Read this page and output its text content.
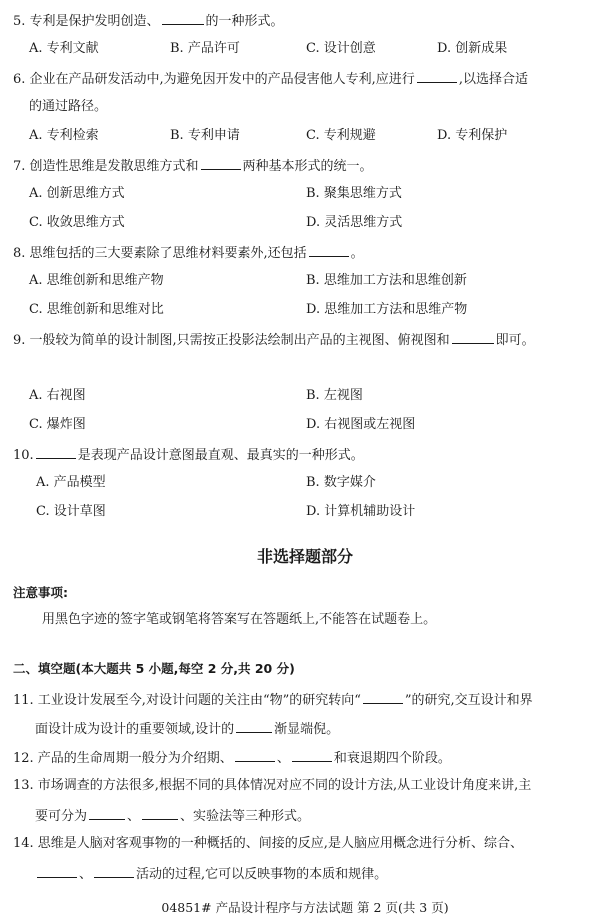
5. 专利是保护发明创造、	的一种形式。
A. 专利文献	B. 产品许可	C. 设计创意	D. 创新成果
6. 企业在产品研发活动中,为避免因开发中的产品侵害他人专利,应进行	,以选择合适
的通过路径。
A. 专利检索	B. 专利申请	C. 专利规避	D. 专利保护
7. 创造性思维是发散思维方式和	两种基本形式的统一。
A. 创新思维方式	B. 聚集思维方式
C. 收敛思维方式	D. 灵活思维方式
8. 思维包括的三大要素除了思维材料要素外,还包括	。
A. 思维创新和思维产物	B. 思维加工方法和思维创新
C. 思维创新和思维对比	D. 思维加工方法和思维产物
9. 一般较为简单的设计制图,只需按正投影法绘制出产品的主视图、俯视图和	即可。
A. 右视图	B. 左视图
C. 爆炸图	D. 右视图或左视图
10.	是表现产品设计意图最直观、最真实的一种形式。
A. 产品模型	B. 数字媒介
C. 设计草图	D. 计算机辅助设计
非选择题部分
注意事项:
用黑色字迹的签字笔或钢笔将答案写在答题纸上,不能答在试题卷上。
二、填空题(本大题共 5 小题,每空 2 分,共 20 分)
11. 工业设计发展至今,对设计问题的关注由“物”的研究转向“	”的研究,交互设计和界
面设计成为设计的重要领域,设计的	渐显端倪。
12. 产品的生命周期一般分为介绍期、	、	和衰退期四个阶段。
13. 市场调查的方法很多,根据不同的具体情况对应不同的设计方法,从工业设计角度来讲,主
要可分为	、	、实验法等三种形式。
14. 思维是人脑对客观事物的一种概括的、间接的反应,是人脑应用概念进行分析、综合、
、	活动的过程,它可以反映事物的本质和规律。
04851# 产品设计程序与方法试题 第 2 页(共 3 页)
